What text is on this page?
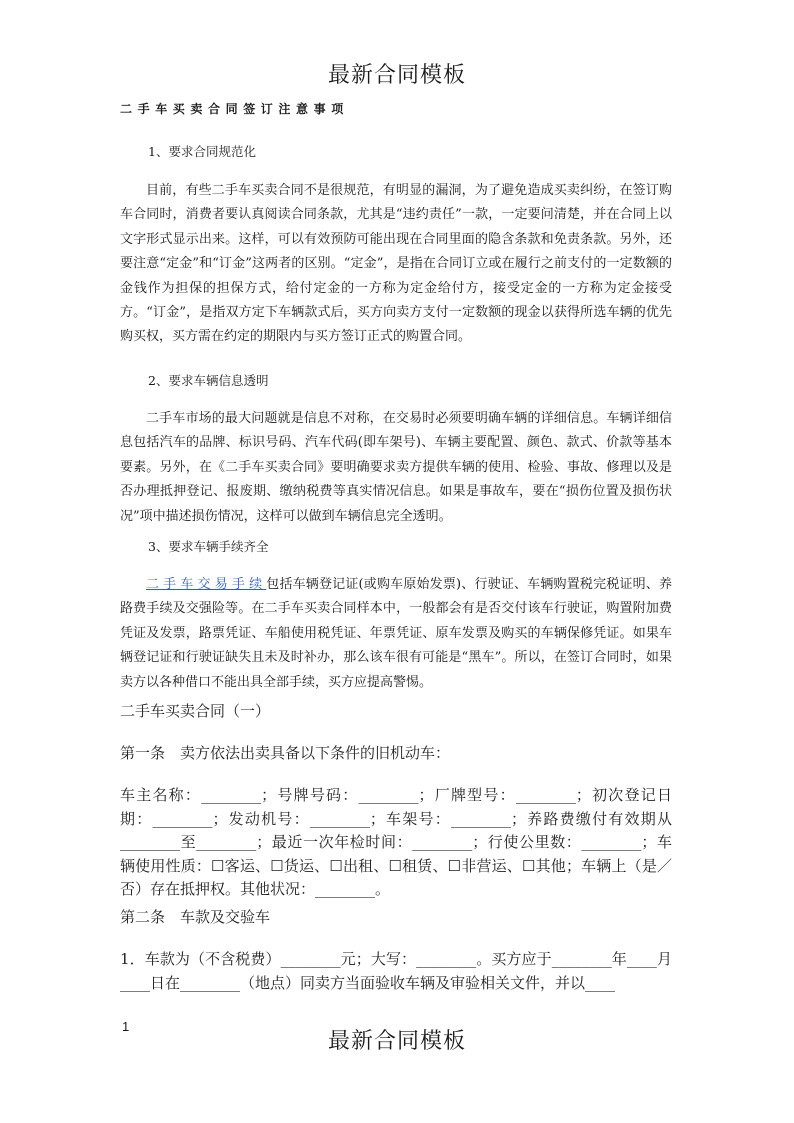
最新合同模板
二手车买卖合同签订注意事项
1、要求合同规范化

目前，有些二手车买卖合同不是很规范，有明显的漏洞，为了避免造成买卖纠纷，在签订购车合同时，消费者要认真阅读合同条款，尤其是“违约责任”一款，一定要问清楚，并在合同上以文字形式显示出来。这样，可以有效预防可能出现在合同里面的隐含条款和免责条款。另外，还要注意“定金”和“订金”这两者的区别。“定金”，是指在合同订立或在履行之前支付的一定数额的金钱作为担保的担保方式，给付定金的一方称为定金给付方，接受定金的一方称为定金接受方。“订金”，是指双方定下车辆款式后，买方向卖方支付一定数额的现金以获得所选车辆的优先购买权，买方需在约定的期限内与买方签订正式的购置合同。

2、要求车辆信息透明

二手车市场的最大问题就是信息不对称，在交易时必须要明确车辆的详细信息。车辆详细信息包括汽车的品牌、标识号码、汽车代码(即车架号)、车辆主要配置、颜色、款式、价款等基本要素。另外，在《二手车买卖合同》要明确要求卖方提供车辆的使用、检验、事故、修理以及是否办理抵押登记、报废期、缴纳税费等真实情况信息。如果是事故车，要在“损伤位置及损伤状况”项中描述损伤情况，这样可以做到车辆信息完全透明。

3、要求车辆手续齐全

二手车交易手续包括车辆登记证(或购车原始发票)、行驶证、车辆购置税完税证明、养路费手续及交强险等。在二手车买卖合同样本中，一般都会有是否交付该车行驶证，购置附加费凭证及发票，路票凭证、车船使用税凭证、年票凭证、原车发票及购买的车辆保修凭证。如果车辆登记证和行驶证缺失且未及时补办，那么该车很有可能是“黑车”。所以，在签订合同时，如果卖方以各种借口不能出具全部手续，买方应提高警惕。

二手车买卖合同（一）
第一条　卖方依法出卖具备以下条件的旧机动车：

车主名称：________；号牌号码：________；厂牌型号：________；初次登记日期：________；发动机号：________；车架号：________；养路费缴付有效期从________至________；最近一次年检时间：________；行使公里数：________；车辆使用性质：☐客运、☐货运、☐出租、☐租赁、☐非营运、☐其他；车辆上（是／否）存在抵押权。其他状况：________。

第二条　车款及交验车

1．车款为（不含税费）________元；大写：________。买方应于________年____月____日在________（地点）同卖方当面验收车辆及审验相关文件，并以____

1
最新合同模板
